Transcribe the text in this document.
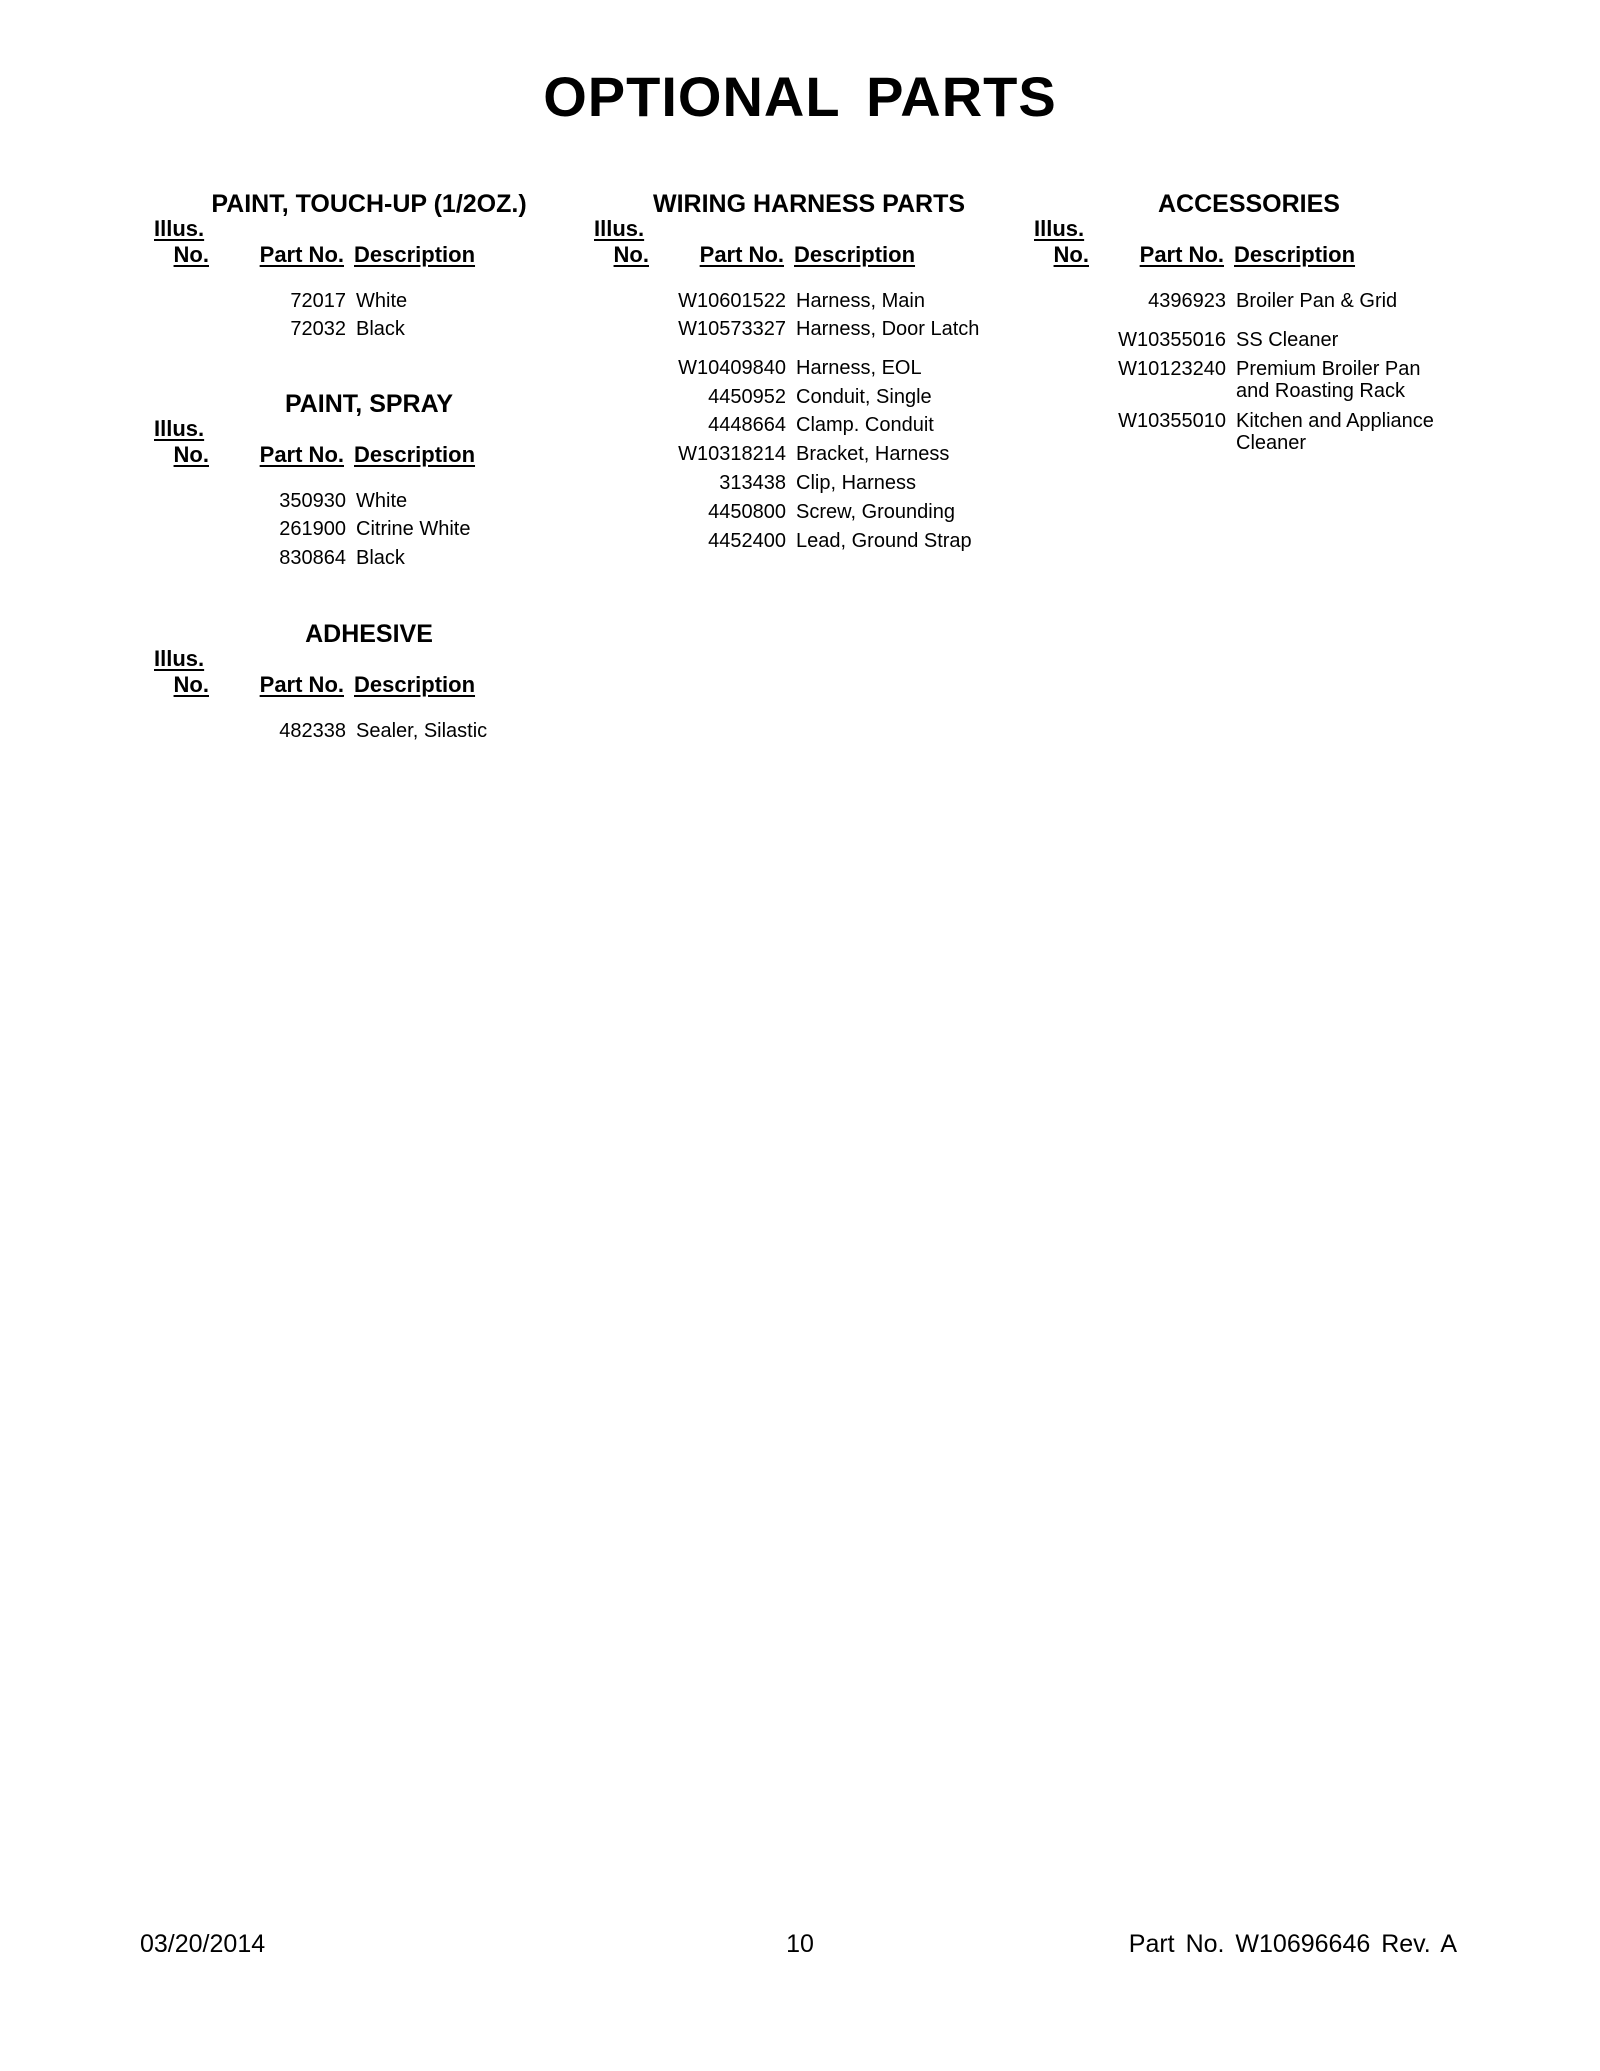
OPTIONAL PARTS
PAINT, TOUCH-UP (1/2OZ.)
Illus.
No.	Part No. Description
72017 White
72032 Black
PAINT, SPRAY
Illus.
No.	Part No. Description
350930 White
261900 Citrine White
830864 Black
ADHESIVE
Illus.
No.	Part No. Description
482338 Sealer, Silastic
WIRING HARNESS PARTS
Illus.
No.	Part No. Description
W10601522 Harness, Main
W10573327 Harness, Door Latch
W10409840 Harness, EOL
4450952 Conduit, Single
4448664 Clamp. Conduit
W10318214 Bracket, Harness
313438 Clip, Harness
4450800 Screw, Grounding
4452400 Lead, Ground Strap
ACCESSORIES
Illus.
No.	Part No. Description
4396923 Broiler Pan & Grid
W10355016 SS Cleaner
W10123240 Premium Broiler Pan and Roasting Rack
W10355010 Kitchen and Appliance Cleaner
03/20/2014	10	Part No. W10696646 Rev. A
